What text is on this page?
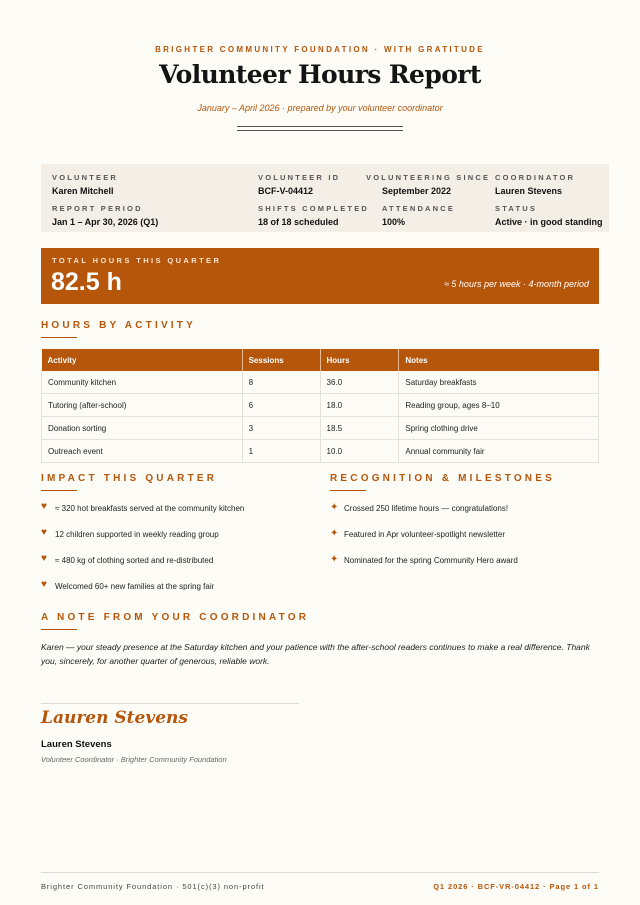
BRIGHTER COMMUNITY FOUNDATION · WITH GRATITUDE
Volunteer Hours Report
January – April 2026 · prepared by your volunteer coordinator
VOLUNTEER
Karen Mitchell
VOLUNTEER ID
BCF-V-04412
VOLUNTEERING SINCE
September 2022
COORDINATOR
Lauren Stevens
REPORT PERIOD
Jan 1 – Apr 30, 2026 (Q1)
SHIFTS COMPLETED
18 of 18 scheduled
ATTENDANCE
100%
STATUS
Active · in good standing
TOTAL HOURS THIS QUARTER
82.5 h	≈ 5 hours per week · 4-month period
HOURS BY ACTIVITY
Activity	Sessions	Hours	Notes
Community kitchen	8	36.0	Saturday breakfasts
Tutoring (after-school)	6	18.0	Reading group, ages 8–10
Donation sorting	3	18.5	Spring clothing drive
Outreach event	1	10.0	Annual community fair
IMPACT THIS QUARTER
♥ ≈ 320 hot breakfasts served at the community kitchen
♥ 12 children supported in weekly reading group
♥ ≈ 480 kg of clothing sorted and re-distributed
♥ Welcomed 60+ new families at the spring fair
RECOGNITION & MILESTONES
✦ Crossed 250 lifetime hours — congratulations!
✦ Featured in Apr volunteer-spotlight newsletter
✦ Nominated for the spring Community Hero award
A NOTE FROM YOUR COORDINATOR
Karen — your steady presence at the Saturday kitchen and your patience with the after-school readers continues to make a real difference. Thank you, sincerely, for another quarter of generous, reliable work.
Lauren Stevens
Lauren Stevens
Volunteer Coordinator · Brighter Community Foundation
Brighter Community Foundation · 501(c)(3) non-profit	Q1 2026 · BCF-VR-04412 · Page 1 of 1
